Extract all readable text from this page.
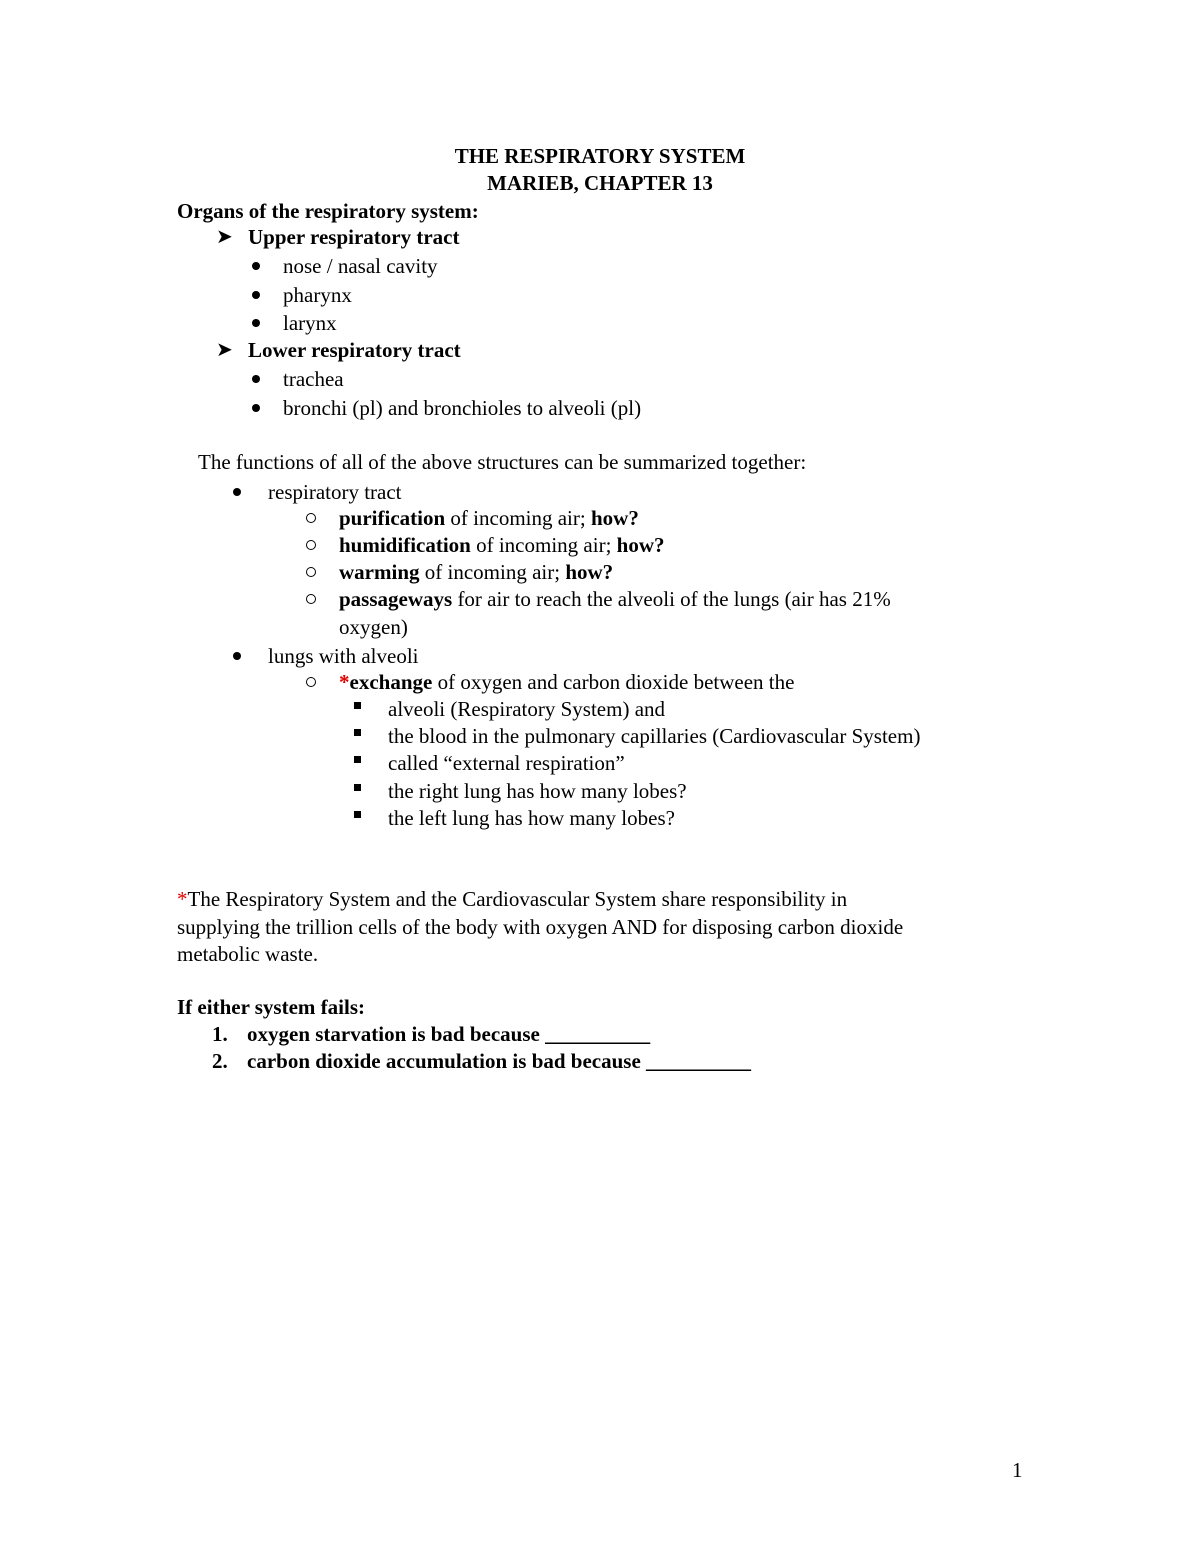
THE RESPIRATORY SYSTEM
MARIEB, CHAPTER 13
Organs of the respiratory system:
➤ Upper respiratory tract
nose / nasal cavity
pharynx
larynx
➤ Lower respiratory tract
trachea
bronchi (pl) and bronchioles to alveoli (pl)
The functions of all of the above structures can be summarized together:
respiratory tract
purification of incoming air; how?
humidification of incoming air; how?
warming of incoming air; how?
passageways for air to reach the alveoli of the lungs (air has 21%
oxygen)
lungs with alveoli
*exchange of oxygen and carbon dioxide between the
alveoli (Respiratory System) and
the blood in the pulmonary capillaries (Cardiovascular System)
called “external respiration”
the right lung has how many lobes?
the left lung has how many lobes?
*The Respiratory System and the Cardiovascular System share responsibility in
supplying the trillion cells of the body with oxygen AND for disposing carbon dioxide
metabolic waste.
If either system fails:
1. oxygen starvation is bad because __________
2. carbon dioxide accumulation is bad because __________
1
